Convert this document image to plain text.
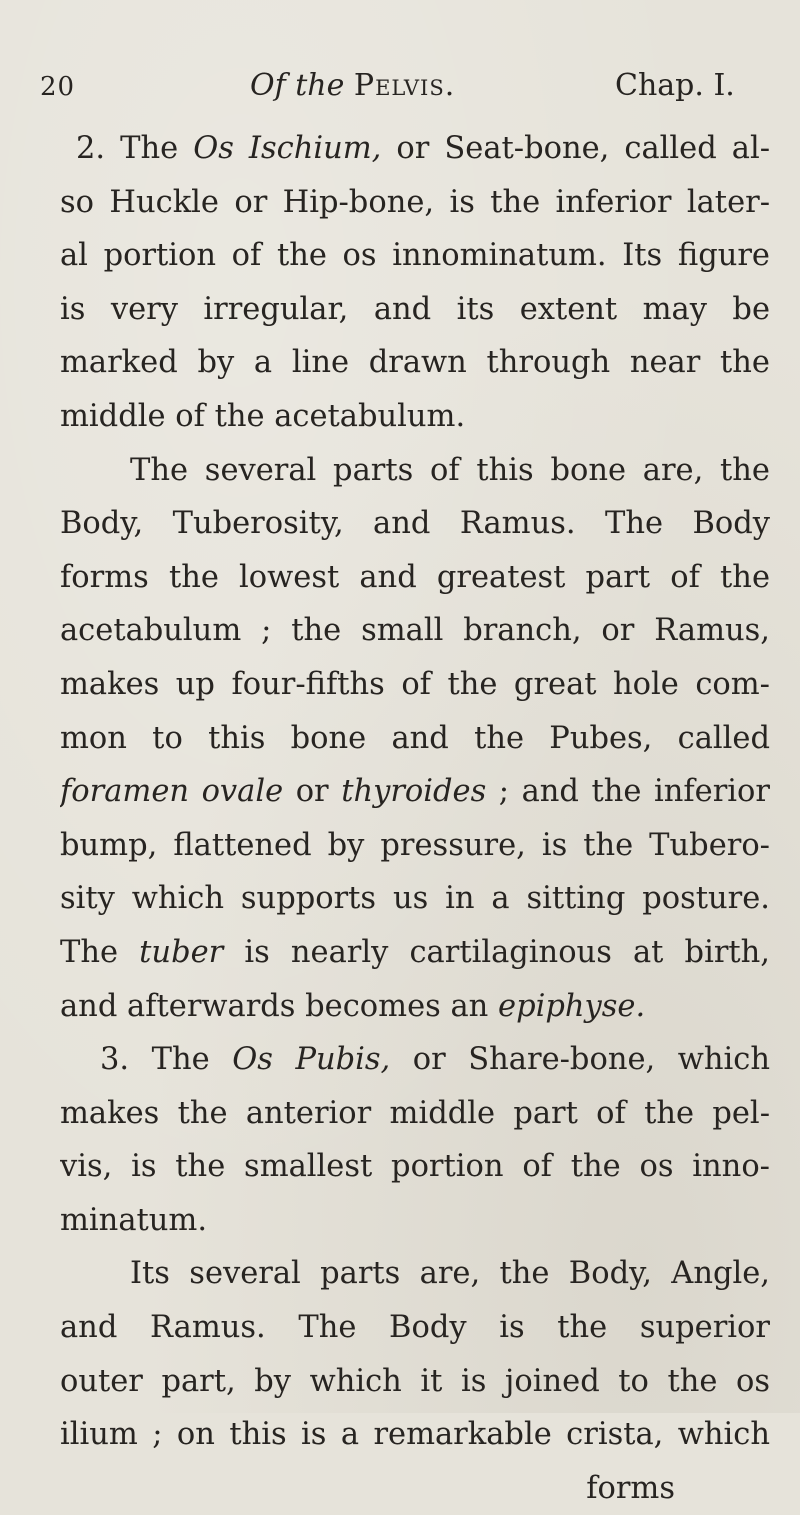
20	Of the Pelvis.	Chap. I.
2. The Os Ischium, or Seat-bone, called al-
so Huckle or Hip-bone, is the inferior later-
al portion of the os innominatum. Its figure
is very irregular, and its extent may be
marked by a line drawn through near the
middle of the acetabulum.
The several parts of this bone are, the
Body, Tuberosity, and Ramus. The Body
forms the lowest and greatest part of the
acetabulum ; the small branch, or Ramus,
makes up four-fifths of the great hole com-
mon to this bone and the Pubes, called
foramen ovale or thyroides ; and the inferior
bump, flattened by pressure, is the Tubero-
sity which supports us in a sitting posture.
The tuber is nearly cartilaginous at birth,
and afterwards becomes an epiphyse.
3. The Os Pubis, or Share-bone, which
makes the anterior middle part of the pel-
vis, is the smallest portion of the os inno-
minatum.
Its several parts are, the Body, Angle,
and Ramus. The Body is the superior
outer part, by which it is joined to the os
ilium ; on this is a remarkable crista, which
forms
